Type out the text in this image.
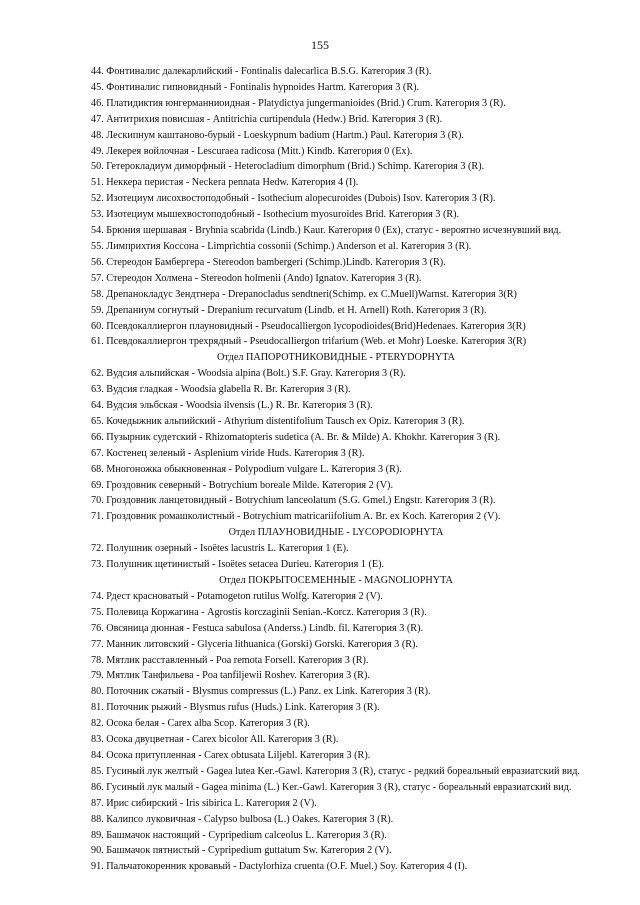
155
44. Фонтиналис далекарлийский - Fontinalis dalecarlica B.S.G. Категория 3 (R).
45. Фонтиналис гипновидный - Fontinalis hypnoides Hartm. Категория 3 (R).
46. Платидиктия юнгерманниоидная - Platydictya jungermanioides (Brid.) Crum. Категория 3 (R).
47. Антитрихия повисшая - Antitrichia curtipendula (Hedw.) Brid. Категория 3 (R).
48. Лескипнум каштаново-бурый - Loeskypnum badium (Hartm.) Paul. Категория 3 (R).
49. Лекерея войлочная - Lescuraea radicosa (Mitt.) Kindb. Категория 0 (Ex).
50. Гетерокладиум диморфный - Heterocladium dimorphum (Brid.) Schimp. Категория 3 (R).
51. Неккера перистая - Neckera pennata Hedw. Категория 4 (I).
52. Изотециум лисохвостоподобный - Isothecium alopecuroides (Dubois) Isov. Категория 3 (R).
53. Изотециум мышехвостоподобный - Isothecium myosuroides Brid. Категория 3 (R).
54. Брюния шершавая - Bryhnia scabrida (Lindb.) Kaur. Категория 0 (Ex), статус - вероятно исчезнувший вид.
55. Лимприхтия Коссона - Limprichtia cossonii (Schimp.) Anderson et al. Категория 3 (R).
56. Стереодон Бамбергера - Stereodon bambergeri (Schimp.)Lindb. Категория 3 (R).
57. Стереодон Холмена - Stereodon holmenii (Ando) Ignatov. Категория 3 (R).
58. Дрепанокладус Зендтнера - Drepanocladus sendtneri(Schimp. ex C.Muell)Warnst. Категория 3(R)
59. Дрепаниум согнутый - Drepanium recurvatum (Lindb. et H. Arnell) Roth. Категория 3 (R).
60. Псевдокаллиергон плауновидный - Pseudocalliergon lycopodioides(Brid)Hedenaes. Категория 3(R)
61. Псевдокаллиергон трехрядный - Pseudocalliergon trifarium (Web. et Mohr) Loeske. Категория 3(R)
Отдел ПАПОРОТНИКОВИДНЫЕ - PTERYDOPHYTA
62. Вудсия альпийская - Woodsia alpina (Bolt.) S.F. Gray. Категория 3 (R).
63. Вудсия гладкая - Woodsia glabella R. Br. Категория 3 (R).
64. Вудсия эльбская - Woodsia ilvensis (L.) R. Br. Категория 3 (R).
65. Кочедыжник альпийский - Athyrium distentifolium Tausch ex Opiz. Категория 3 (R).
66. Пузырник судетский - Rhizomatopteris sudetica (A. Br. & Milde) A. Khokhr. Категория 3 (R).
67. Костенец зеленый - Asplenium viride Huds. Категория 3 (R).
68. Многоножка обыкновенная - Polypodium vulgare L. Категория 3 (R).
69. Гроздовник северный - Botrychium boreale Milde. Категория 2 (V).
70. Гроздовник ланцетовидный - Botrychium lanceolatum (S.G. Gmel.) Engstr. Категория 3 (R).
71. Гроздовник ромашколистный - Botrychium matricariifolium A. Br. ex Koch. Категория 2 (V).
Отдел ПЛАУНОВИДНЫЕ - LYCOPODIOPHYTA
72. Полушник озерный - Isoëtes lacustris L. Категория 1 (E).
73. Полушник щетинистый - Isoëtes setacea Durieu. Категория 1 (E).
Отдел ПОКРЫТОСЕМЕННЫЕ - MAGNOLIOPHYTA
74. Рдест красноватый - Potamogeton rutilus Wolfg. Категория 2 (V).
75. Полевица Коржагина - Agrostis korczaginii Senian.-Korcz. Категория 3 (R).
76. Овсяница дюнная - Festuca sabulosa (Anderss.) Lindb. fil. Категория 3 (R).
77. Манник литовский - Glyceria lithuanica (Gorski) Gorski. Категория 3 (R).
78. Мятлик расставленный - Poa remota Forsell. Категория 3 (R).
79. Мятлик Танфильева - Poa tanfiljewii Roshev. Категория 3 (R).
80. Поточник сжатый - Blysmus compressus (L.) Panz. ex Link. Категория 3 (R).
81. Поточник рыжий - Blysmus rufus (Huds.) Link. Категория 3 (R).
82. Осока белая - Carex alba Scop. Категория 3 (R).
83. Осока двуцветная - Carex bicolor All. Категория 3 (R).
84. Осока притупленная - Carex obtusata Liljebl. Категория 3 (R).
85. Гусиный лук желтый - Gagea lutea Ker.-Gawl. Категория 3 (R), статус - редкий бореальный евразиатский вид.
86. Гусиный лук малый - Gagea minima (L.) Ker.-Gawl. Категория 3 (R), статус - бореальный евразиатский вид.
87. Ирис сибирский - Iris sibirica L. Категория 2 (V).
88. Калипсо луковичная - Calypso bulbosa (L.) Oakes. Категория 3 (R).
89. Башмачок настоящий - Cypripedium calceolus L. Категория 3 (R).
90. Башмачок пятнистый - Cypripedium guttatum Sw. Категория 2 (V).
91. Пальчатокоренник кровавый - Dactylorhiza cruenta (O.F. Muel.) Soy. Категория 4 (I).
